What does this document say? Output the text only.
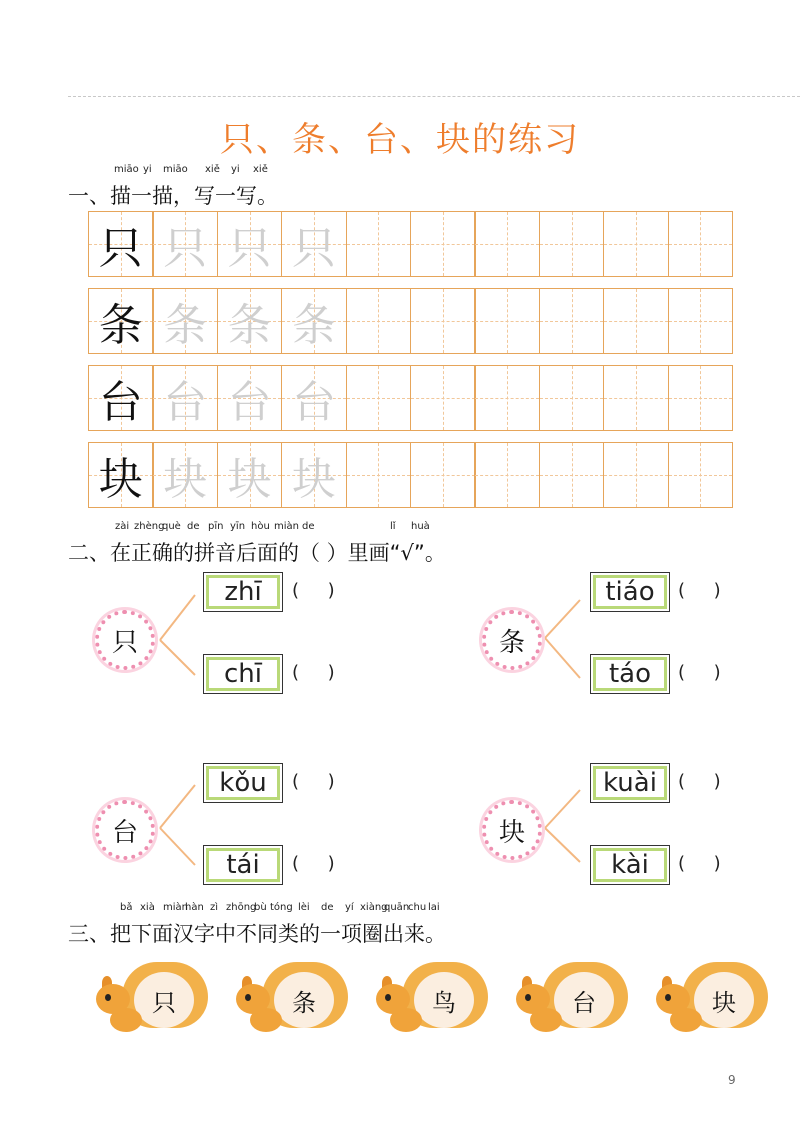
只、条、台、块的练习
一、描一描，写一写。
miāo yi miāo xiě yi xiě
只 只 只 只
条 条 条 条
台 台 台 台
块 块 块 块
二、在正确的拼音后面的（ ）里画“√”。
zài zhèng
què de pīn yīn hòu miàn de	lǐ huà
只
zhī	(     )
chī	(     )
条
tiáo	(     )
táo	(     )
台
kǒu	(     )
tái	(     )
块
kuài	(     )
kài	(     )
三、把下面汉字中不同类的一项圈出来。
bǎ xià miàn
hàn zì zhōng
bù tóng lèi de yí xiàng
quān
chu lai
只	条	鸟	台	块
9
